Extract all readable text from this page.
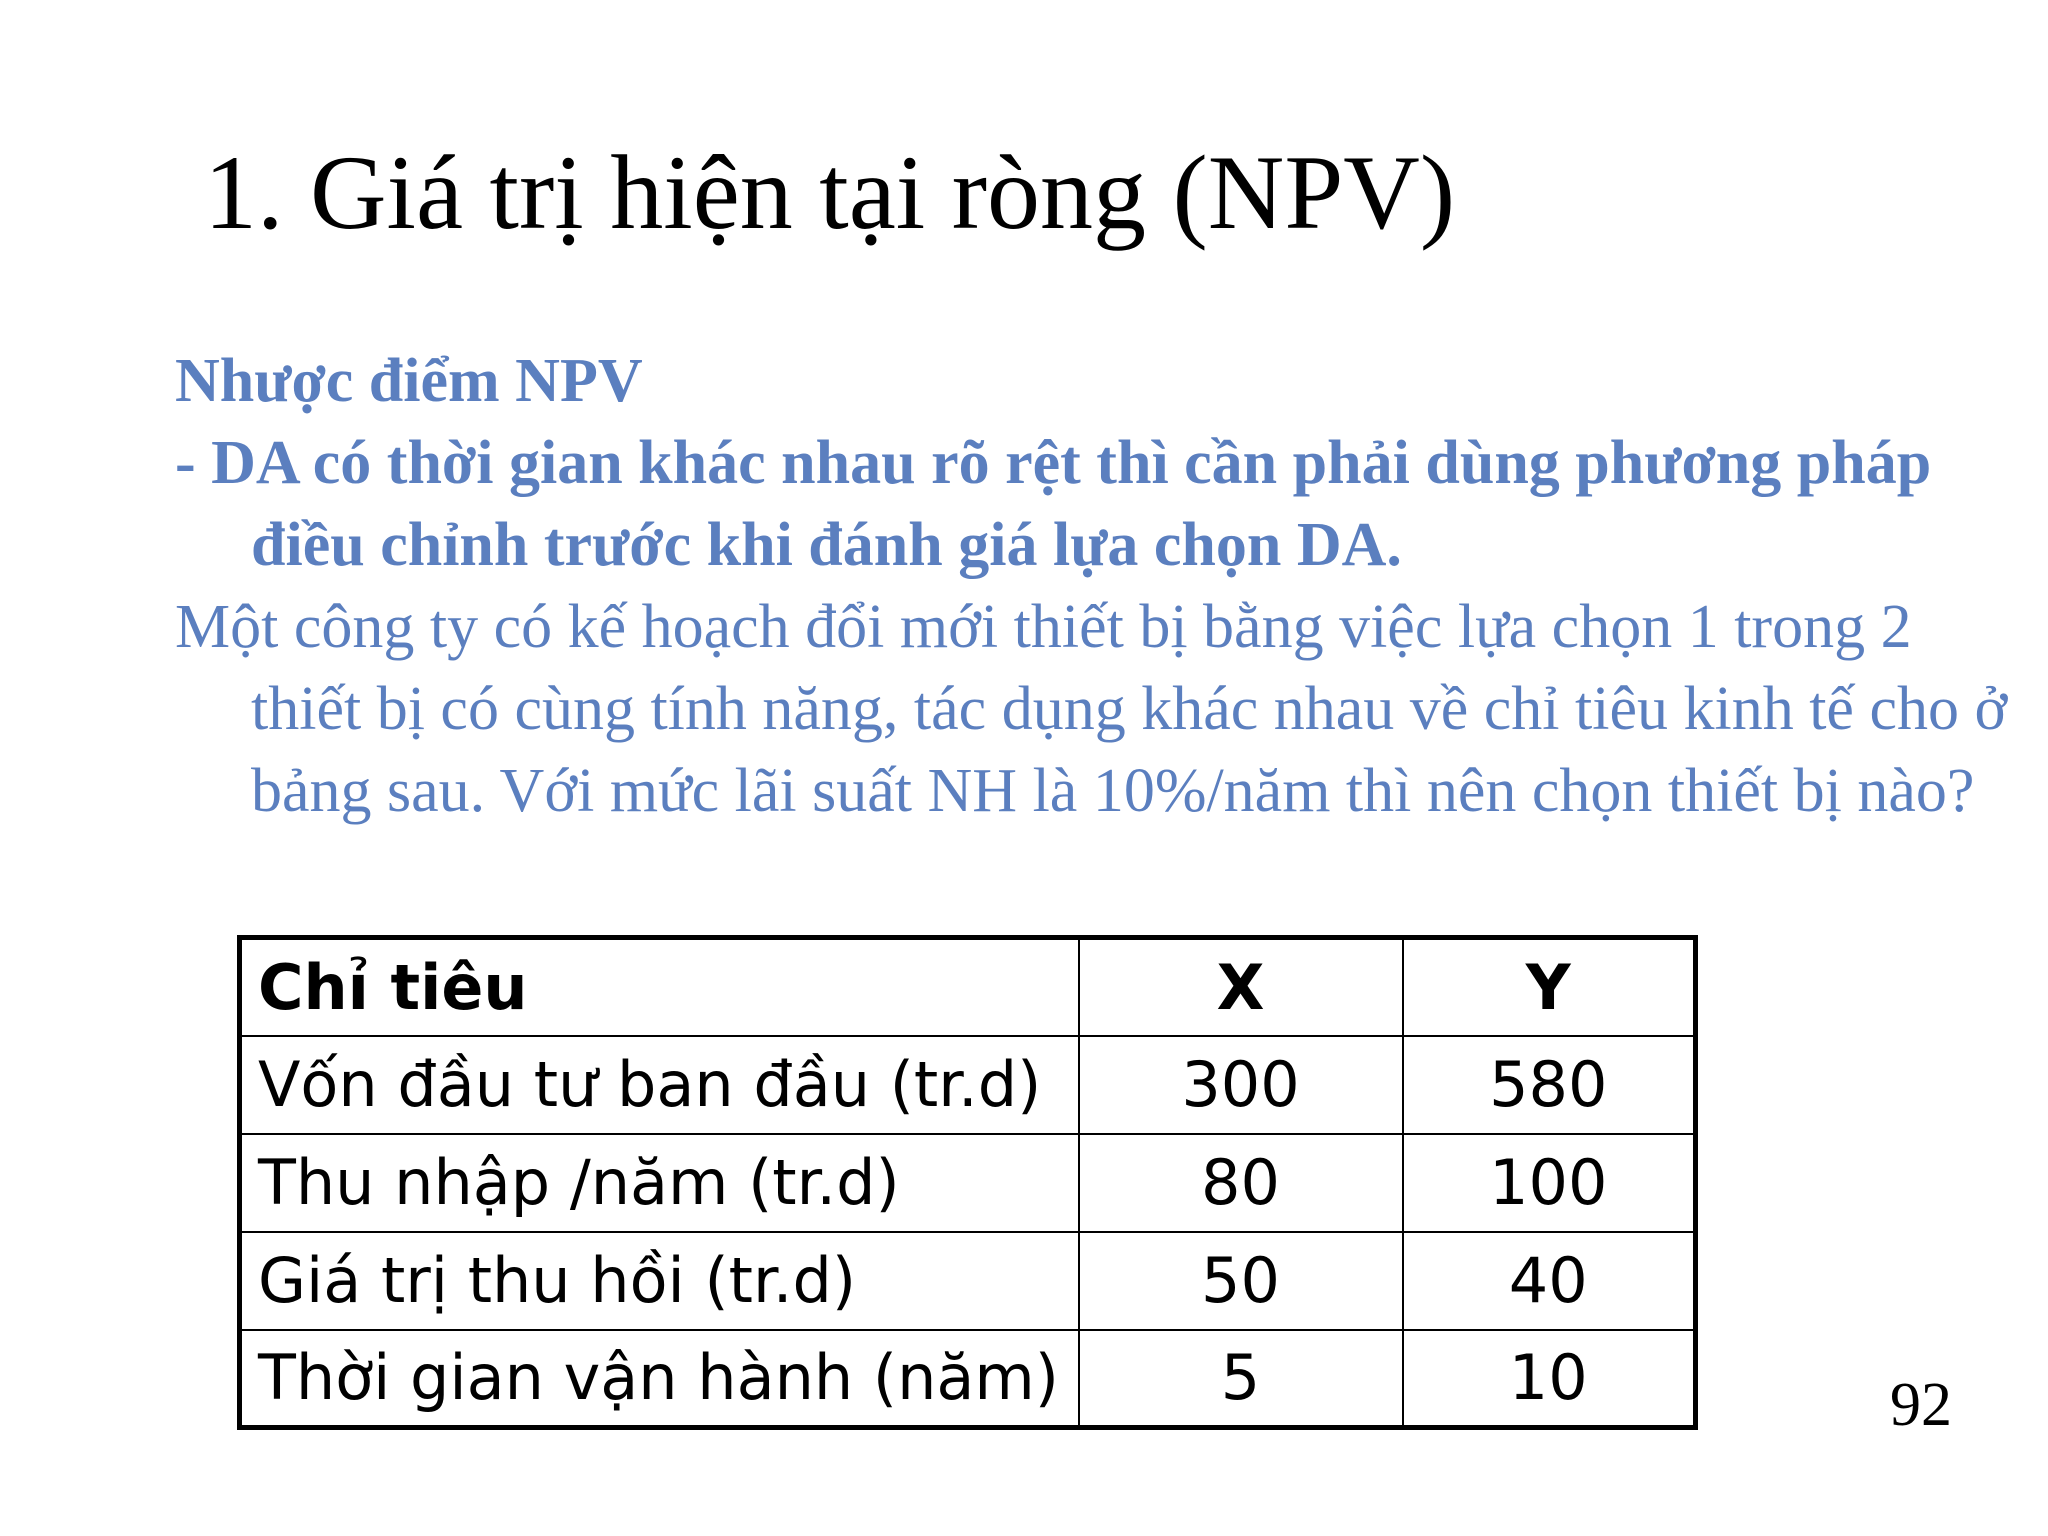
1. Giá trị hiện tại ròng (NPV)

Nhược điểm NPV

- DA có thời gian khác nhau rõ rệt thì cần phải dùng phương pháp điều chỉnh trước khi đánh giá lựa chọn DA.

Một công ty có kế hoạch đổi mới thiết bị bằng việc lựa chọn 1 trong 2 thiết bị có cùng tính năng, tác dụng khác nhau về chỉ tiêu kinh tế cho ở bảng sau. Với mức lãi suất NH là 10%/năm thì nên chọn thiết bị nào?

Chỉ tiêu	X	Y
Vốn đầu tư ban đầu (tr.d)	300	580
Thu nhập /năm (tr.d)	80	100
Giá trị thu hồi (tr.d)	50	40
Thời gian vận hành (năm)	5	10	92
